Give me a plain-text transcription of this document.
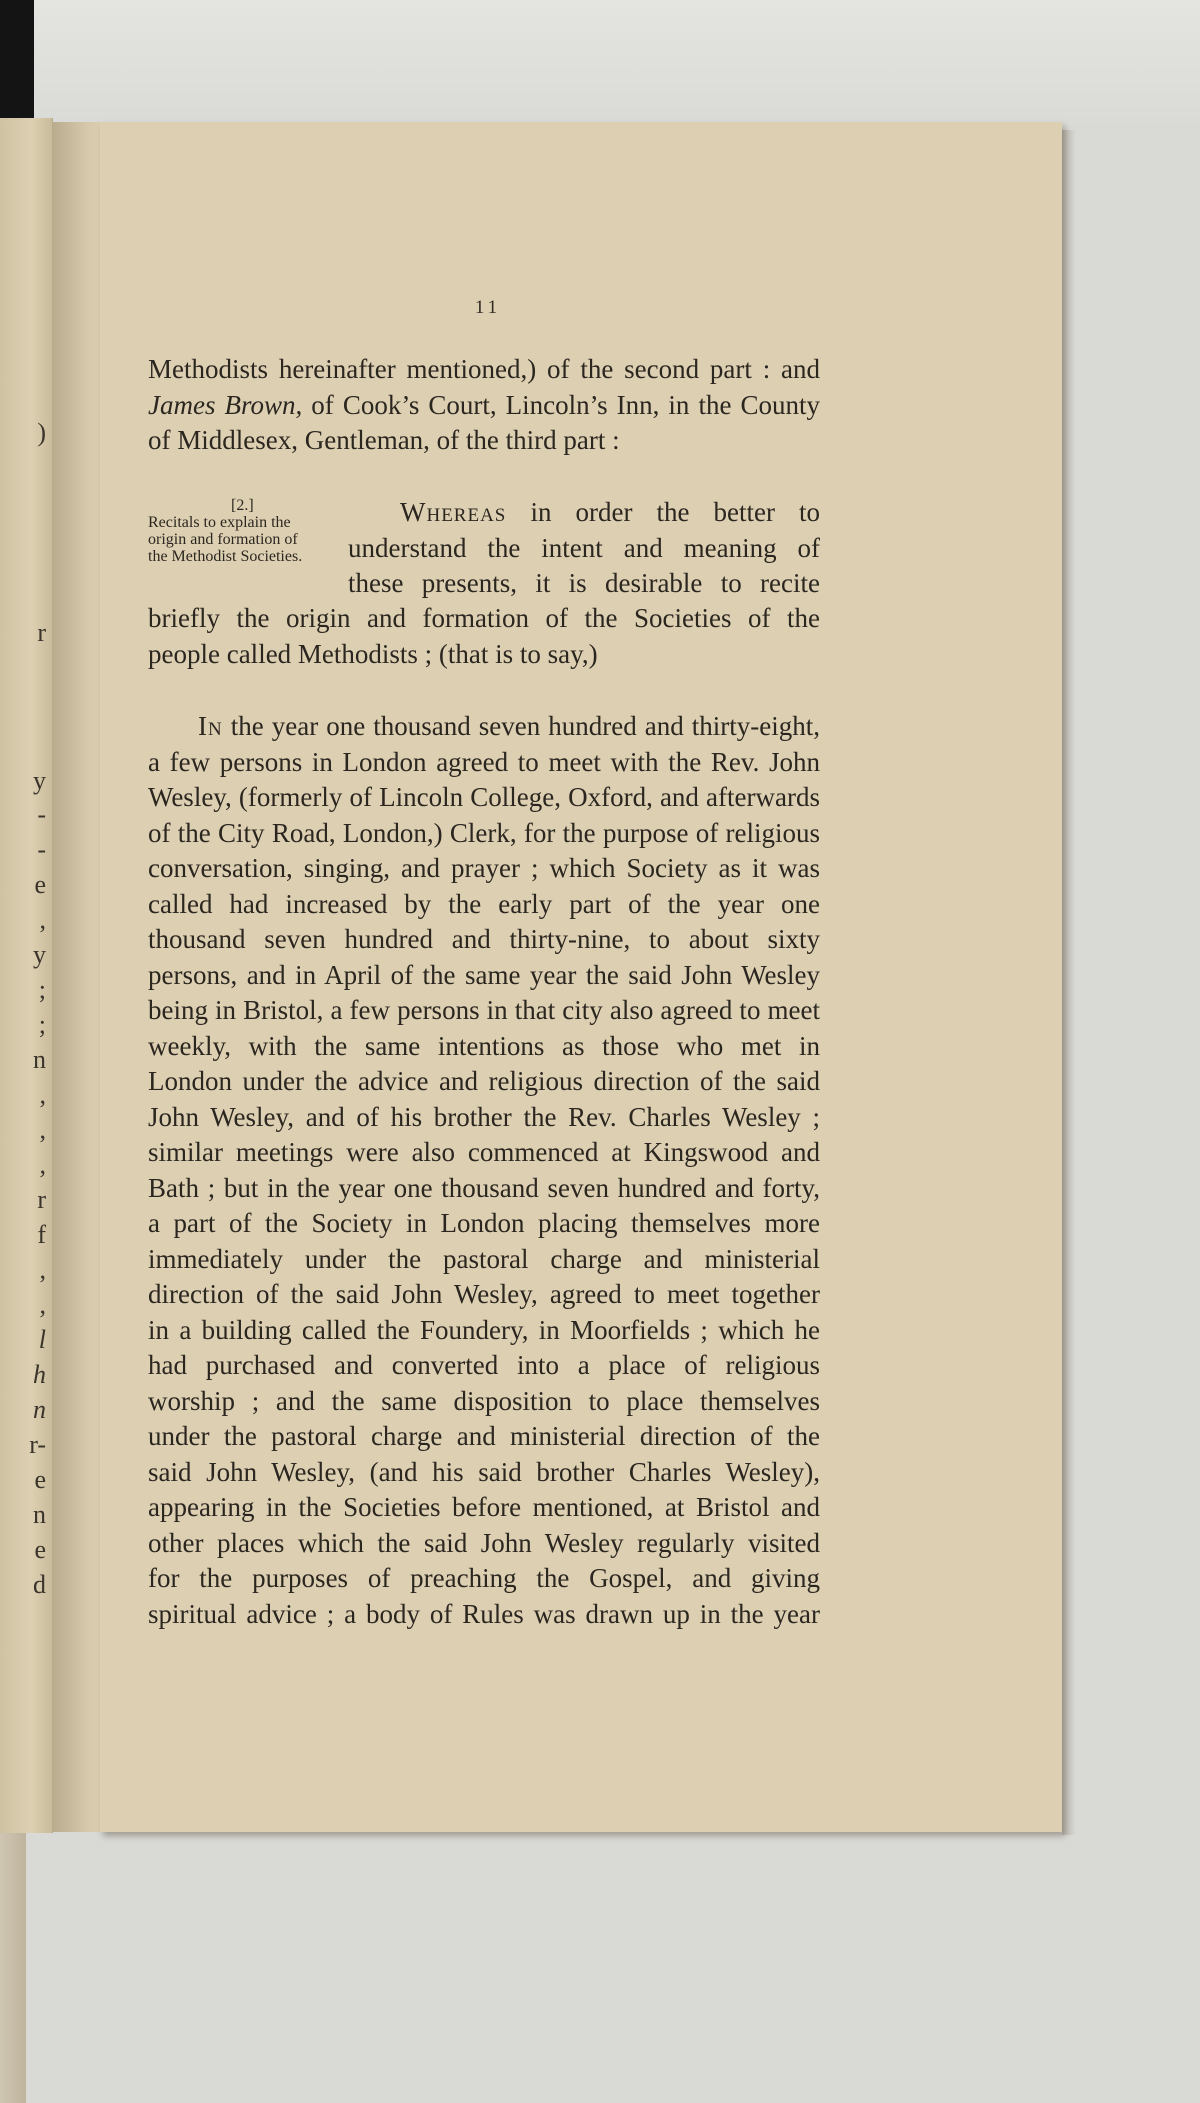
)
r
y
-
-
e
,
y
;
;
n
,
,
,
r
f
,
,
l
h
n
r-
e
n
e
d
11
Methodists hereinafter mentioned,) of the second part : and
James Brown, of Cook’s Court, Lincoln’s Inn, in the County
of Middlesex, Gentleman, of the third part :
[2.]
Recitals to explain the
origin and formation of
the Methodist Societies.
Whereas in order the better to
understand the intent and meaning of
these presents, it is desirable to recite
briefly the origin and formation of the Societies of the
people called Methodists ; (that is to say,)
In the year one thousand seven hundred and thirty-eight,
a few persons in London agreed to meet with the Rev. John
Wesley, (formerly of Lincoln College, Oxford, and afterwards
of the City Road, London,) Clerk, for the purpose of religious
conversation, singing, and prayer ; which Society as it was
called had increased by the early part of the year one
thousand seven hundred and thirty-nine, to about sixty
persons, and in April of the same year the said John Wesley
being in Bristol, a few persons in that city also agreed to meet
weekly, with the same intentions as those who met in
London under the advice and religious direction of the said
John Wesley, and of his brother the Rev. Charles Wesley ;
similar meetings were also commenced at Kingswood and
Bath ; but in the year one thousand seven hundred and forty,
a part of the Society in London placing themselves more
immediately under the pastoral charge and ministerial
direction of the said John Wesley, agreed to meet together
in a building called the Foundery, in Moorfields ; which he
had purchased and converted into a place of religious
worship ; and the same disposition to place themselves
under the pastoral charge and ministerial direction of the
said John Wesley, (and his said brother Charles Wesley),
appearing in the Societies before mentioned, at Bristol and
other places which the said John Wesley regularly visited
for the purposes of preaching the Gospel, and giving
spiritual advice ; a body of Rules was drawn up in the year
